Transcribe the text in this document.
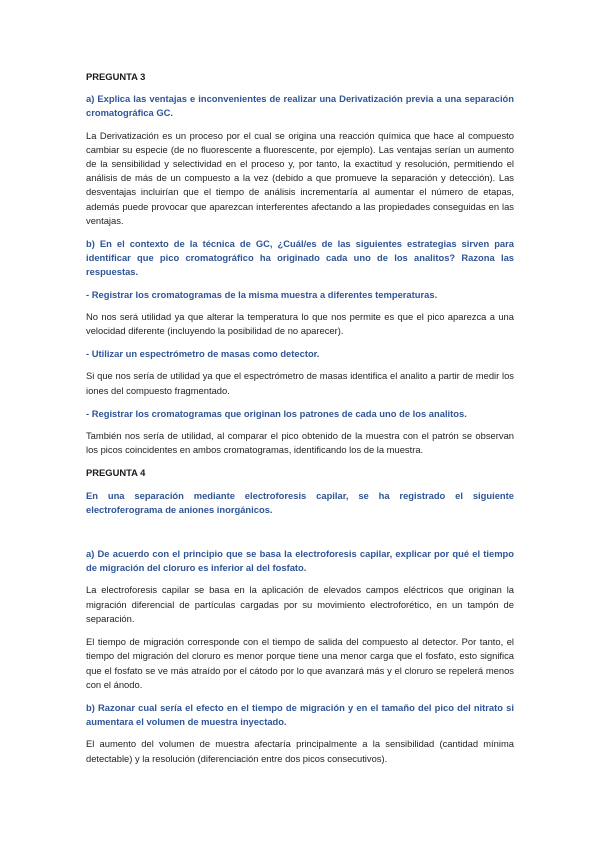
PREGUNTA 3

a) Explica las ventajas e inconvenientes de realizar una Derivatización previa a una separación cromatográfica GC.

La Derivatización es un proceso por el cual se origina una reacción química que hace al compuesto cambiar su especie (de no fluorescente a fluorescente, por ejemplo). Las ventajas serían un aumento de la sensibilidad y selectividad en el proceso y, por tanto, la exactitud y resolución, permitiendo el análisis de más de un compuesto a la vez (debido a que promueve la separación y detección). Las desventajas incluirían que el tiempo de análisis incrementaría al aumentar el número de etapas, además puede provocar que aparezcan interferentes afectando a las propiedades conseguidas en las ventajas.

b) En el contexto de la técnica de GC, ¿Cuál/es de las siguientes estrategias sirven para identificar que pico cromatográfico ha originado cada uno de los analitos? Razona las respuestas.

- Registrar los cromatogramas de la misma muestra a diferentes temperaturas.

No nos será utilidad ya que alterar la temperatura lo que nos permite es que el pico aparezca a una velocidad diferente (incluyendo la posibilidad de no aparecer).

- Utilizar un espectrómetro de masas como detector.

Si que nos sería de utilidad ya que el espectrómetro de masas identifica el analito a partir de medir los iones del compuesto fragmentado.

- Registrar los cromatogramas que originan los patrones de cada uno de los analitos.

También nos sería de utilidad, al comparar el pico obtenido de la muestra con el patrón se observan los picos coincidentes en ambos cromatogramas, identificando los de la muestra.

PREGUNTA 4

En una separación mediante electroforesis capilar, se ha registrado el siguiente electroferograma de aniones inorgánicos.

a) De acuerdo con el principio que se basa la electroforesis capilar, explicar por qué el tiempo de migración del cloruro es inferior al del fosfato.

La electroforesis capilar se basa en la aplicación de elevados campos eléctricos que originan la migración diferencial de partículas cargadas por su movimiento electroforético, en un tampón de separación.

El tiempo de migración corresponde con el tiempo de salida del compuesto al detector. Por tanto, el tiempo del migración del cloruro es menor porque tiene una menor carga que el fosfato, esto significa que el fosfato se ve más atraído por el cátodo por lo que avanzará más y el cloruro se repelerá menos con el ánodo.

b) Razonar cual sería el efecto en el tiempo de migración y en el tamaño del pico del nitrato si aumentara el volumen de muestra inyectado.

El aumento del volumen de muestra afectaría principalmente a la sensibilidad (cantidad mínima detectable) y la resolución (diferenciación entre dos picos consecutivos).
